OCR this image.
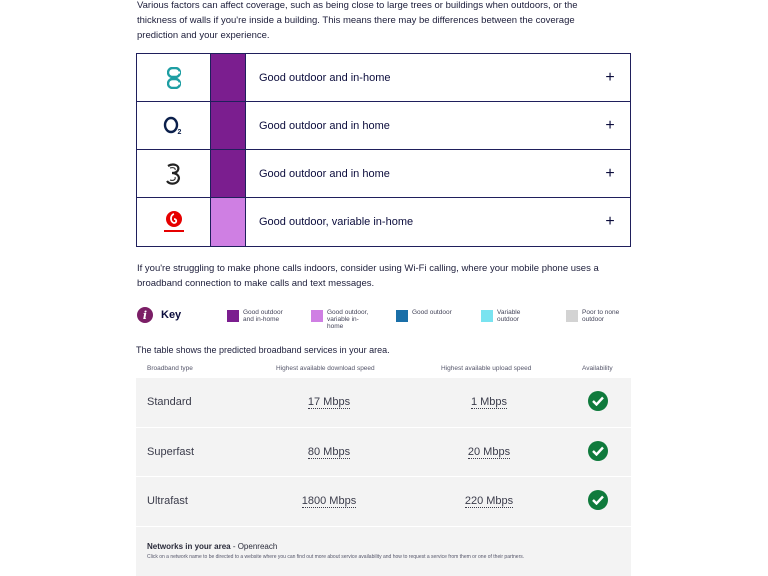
Various factors can affect coverage, such as being close to large trees or buildings when outdoors, or the thickness of walls if you're inside a building. This means there may be differences between the coverage prediction and your experience.

Good outdoor and in-home	+
2
Good outdoor and in home	+
Good outdoor and in home	+
Good outdoor, variable in-home	+

If you're struggling to make phone calls indoors, consider using Wi-Fi calling, where your mobile phone uses a broadband connection to make calls and text messages.

i	Key	Good outdoor and in-home
Good outdoor, variable in-home
Good outdoor	Variable outdoor
Poor to none outdoor

The table shows the predicted broadband services in your area.

Broadband type	Highest available download speed	Highest available upload speed	Availability
Standard	17 Mbps	1 Mbps
Superfast	80 Mbps	20 Mbps
Ultrafast	1800 Mbps	220 Mbps
Networks in your area - Openreach
Click on a network name to be directed to a website where you can find out more about service availability and how to request a service from them or one of their partners.
